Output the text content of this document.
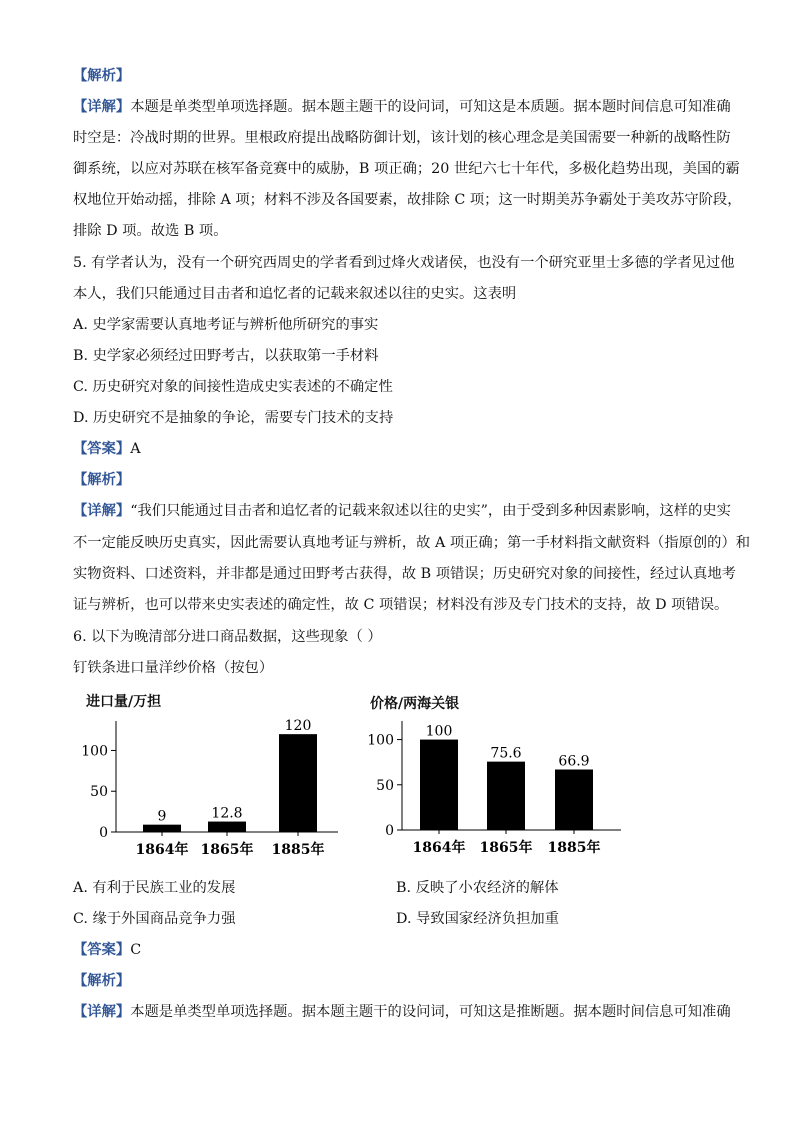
【解析】
【详解】本题是单类型单项选择题。据本题主题干的设问词，可知这是本质题。据本题时间信息可知准确
时空是：冷战时期的世界。里根政府提出战略防御计划，该计划的核心理念是美国需要一种新的战略性防
御系统，以应对苏联在核军备竞赛中的威胁，B 项正确；20 世纪六七十年代，多极化趋势出现，美国的霸
权地位开始动摇，排除 A 项；材料不涉及各国要素，故排除 C 项；这一时期美苏争霸处于美攻苏守阶段，
排除 D 项。故选 B 项。
5. 有学者认为，没有一个研究西周史的学者看到过烽火戏诸侯，也没有一个研究亚里士多德的学者见过他
本人，我们只能通过目击者和追忆者的记载来叙述以往的史实。这表明
A. 史学家需要认真地考证与辨析他所研究的事实
B. 史学家必须经过田野考古，以获取第一手材料
C. 历史研究对象的间接性造成史实表述的不确定性
D. 历史研究不是抽象的争论，需要专门技术的支持
【答案】A
【解析】
【详解】“我们只能通过目击者和追忆者的记载来叙述以往的史实”，由于受到多种因素影响，这样的史实
不一定能反映历史真实，因此需要认真地考证与辨析，故 A 项正确；第一手材料指文献资料（指原创的）和
实物资料、口述资料，并非都是通过田野考古获得，故 B 项错误；历史研究对象的间接性，经过认真地考
证与辨析，也可以带来史实表述的确定性，故 C 项错误；材料没有涉及专门技术的支持，故 D 项错误。
6. 以下为晚清部分进口商品数据，这些现象（ ）
钉铁条进口量洋纱价格（按包）
进口量/万担
0
50
100
9
1864年
12.8
1865年
120
1885年
价格/两海关银
0
50
100
100
1864年
75.6
1865年
66.9
1885年
A. 有利于民族工业的发展	B. 反映了小农经济的解体
C. 缘于外国商品竞争力强	D. 导致国家经济负担加重
【答案】C
【解析】
【详解】本题是单类型单项选择题。据本题主题干的设问词，可知这是推断题。据本题时间信息可知准确
